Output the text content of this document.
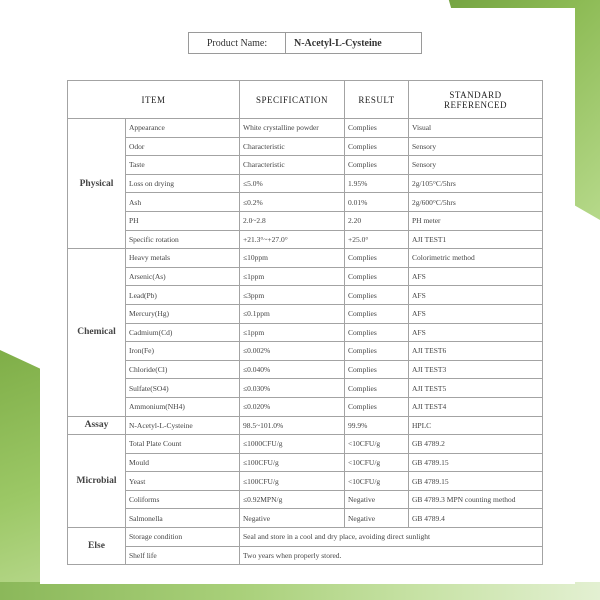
Product Name:	N-Acetyl-L-Cysteine
ITEM		SPECIFICATION	RESULT	STANDARD
REFERENCED
Physical	Appearance	White crystalline powder	Complies	Visual
	Odor	Characteristic	Complies	Sensory
	Taste	Characteristic	Complies	Sensory
	Loss on drying	≤5.0%	1.95%	2g/105°C/5hrs
	Ash	≤0.2%	0.01%	2g/600°C/5hrs
	PH	2.0~2.8	2.20	PH meter
	Specific rotation	+21.3°~+27.0°	+25.0°	AJI TEST1
Chemical	Heavy metals	≤10ppm	Complies	Colorimetric method
	Arsenic(As)	≤1ppm	Complies	AFS
	Lead(Pb)	≤3ppm	Complies	AFS
	Mercury(Hg)	≤0.1ppm	Complies	AFS
	Cadmium(Cd)	≤1ppm	Complies	AFS
	Iron(Fe)	≤0.002%	Complies	AJI TEST6
	Chloride(Cl)	≤0.040%	Complies	AJI TEST3
	Sulfate(SO4)	≤0.030%	Complies	AJI TEST5
	Ammonium(NH4)	≤0.020%	Complies	AJI TEST4
Assay	N-Acetyl-L-Cysteine	98.5~101.0%	99.9%	HPLC
Microbial	Total Plate Count	≤1000CFU/g	<10CFU/g	GB 4789.2
	Mould	≤100CFU/g	<10CFU/g	GB 4789.15
	Yeast	≤100CFU/g	<10CFU/g	GB 4789.15
	Coliforms	≤0.92MPN/g	Negative	GB 4789.3 MPN counting method
	Salmonella	Negative	Negative	GB 4789.4
Else	Storage condition	Seal and store in a cool and dry place, avoiding direct sunlight		
	Shelf life	Two years when properly stored.		
